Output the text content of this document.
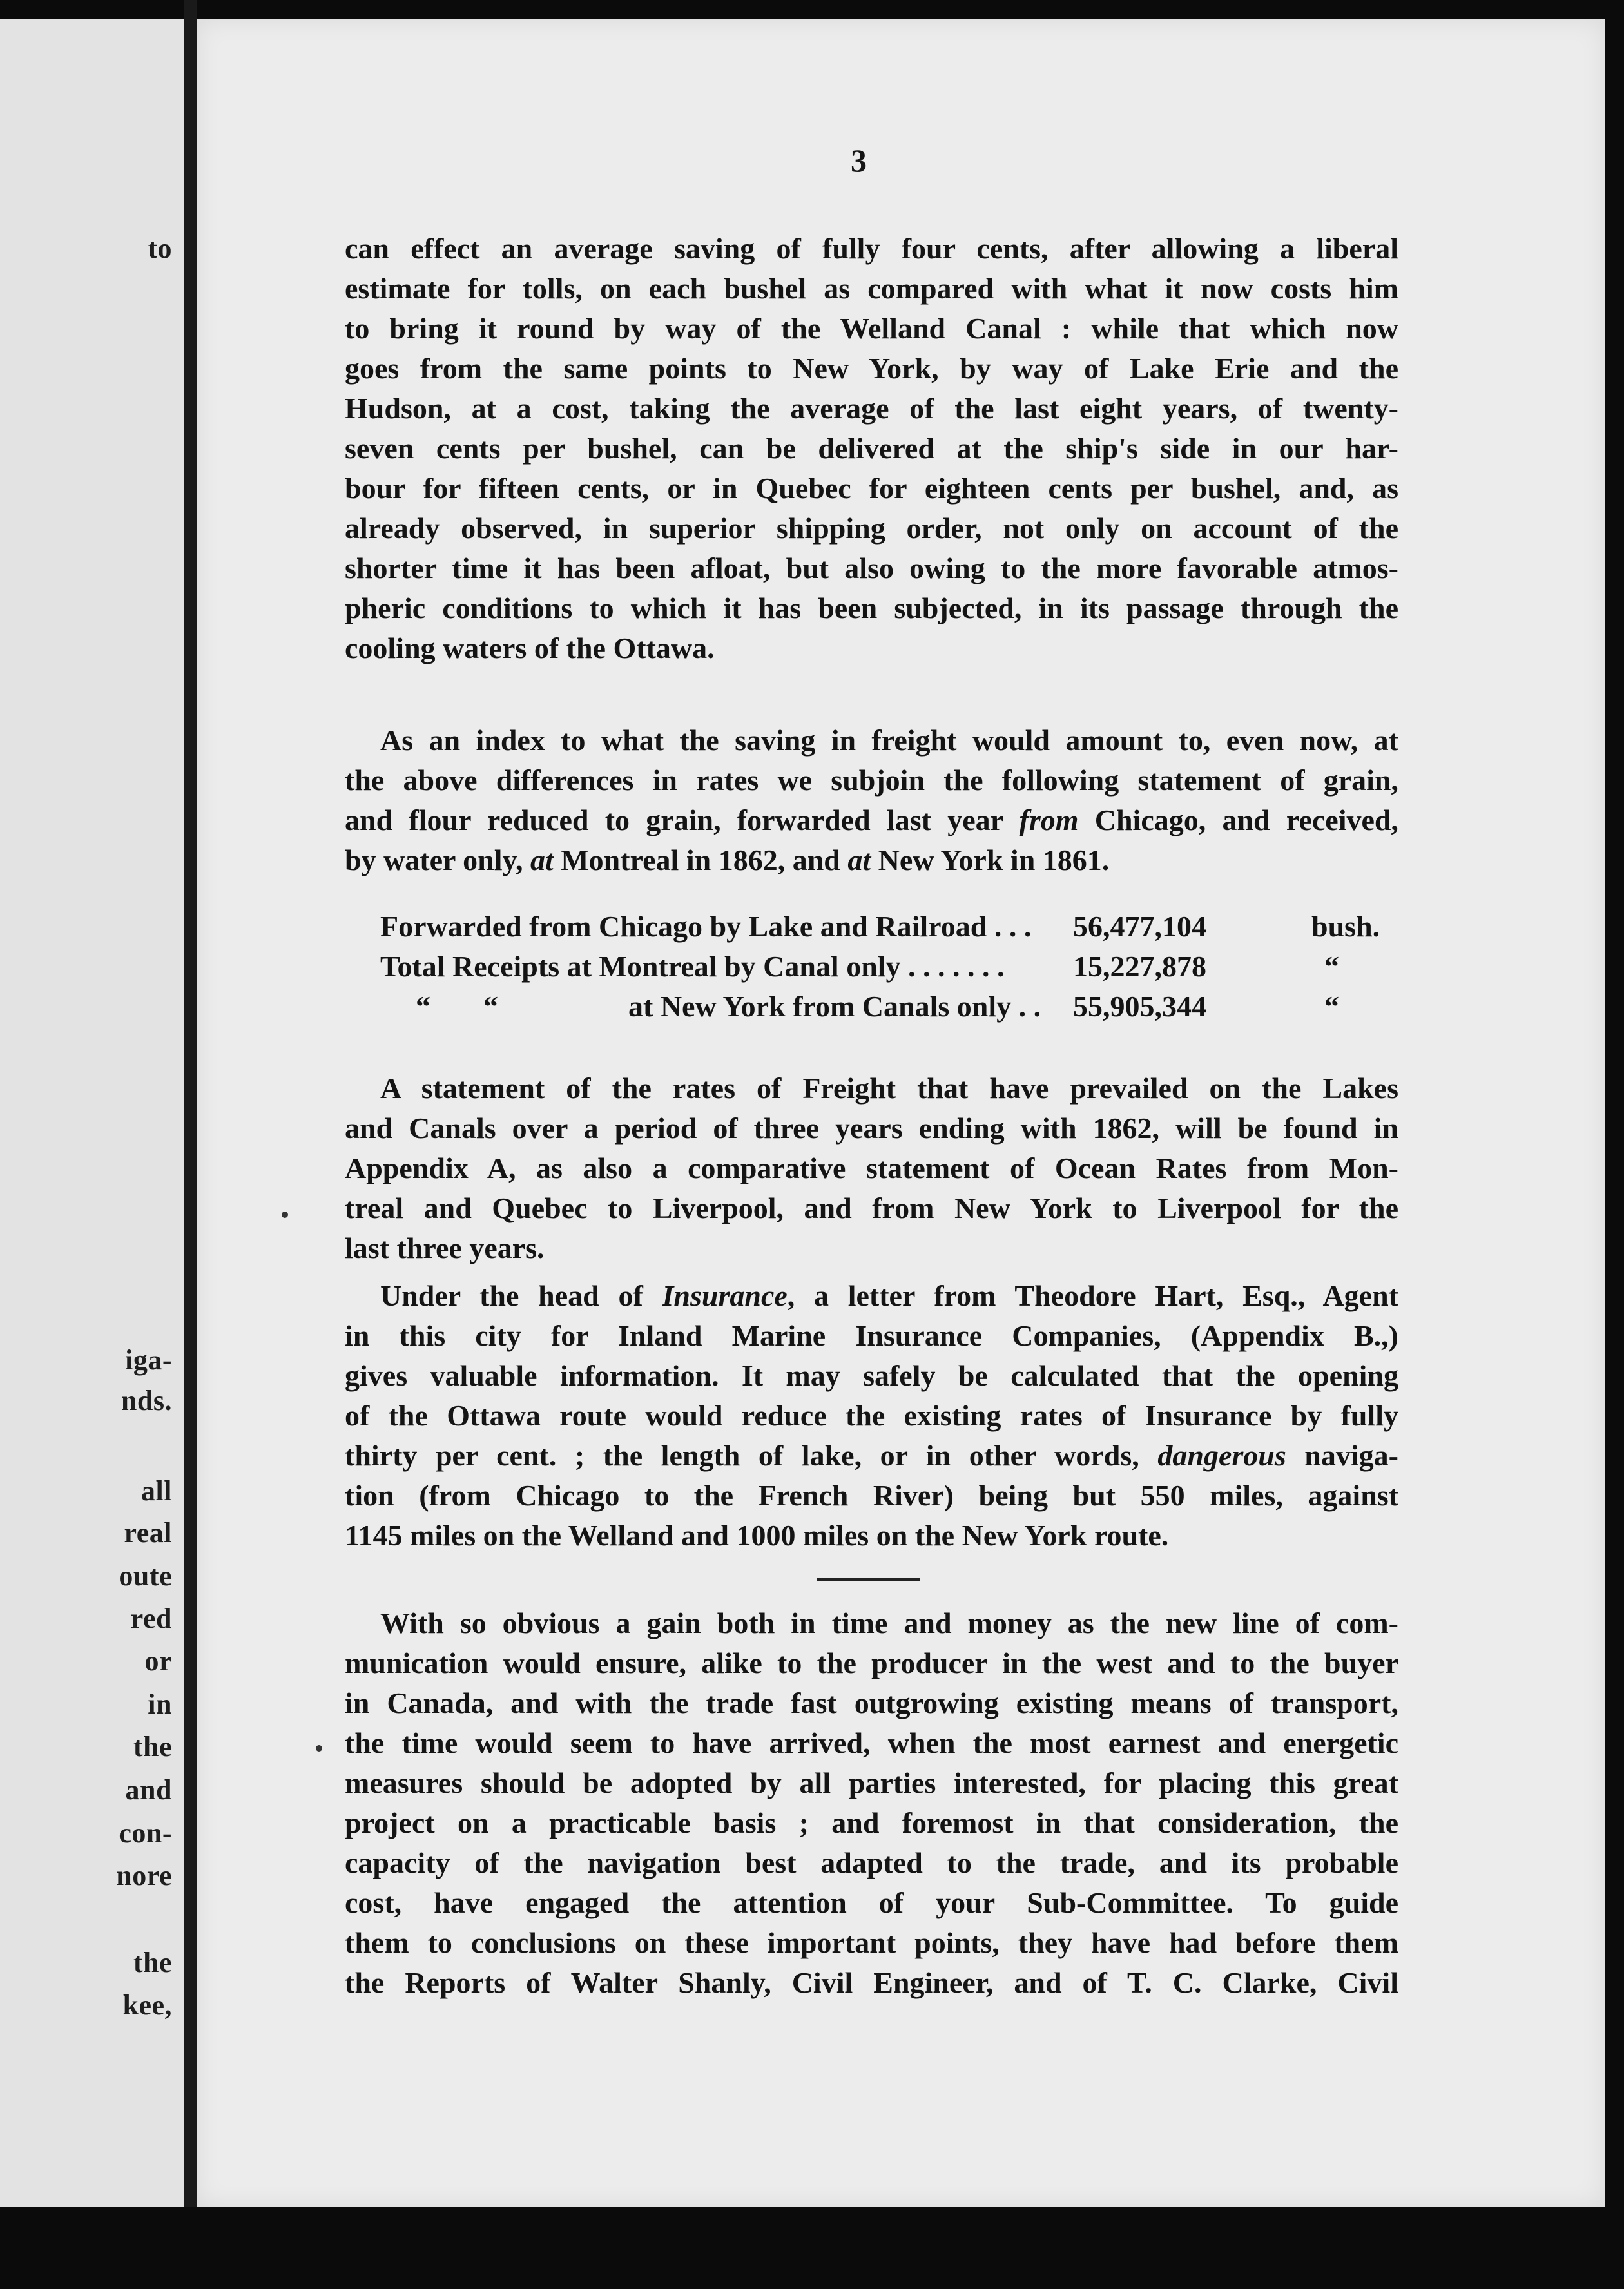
to
iga-
nds.
all
real
oute
red
or
in
the
and
con-
nore
the
kee,
3
can effect an average saving of fully four cents, after allowing a liberal
estimate for tolls, on each bushel as compared with what it now costs him
to bring it round by way of the Welland Canal : while that which now
goes from the same points to New York, by way of Lake Erie and the
Hudson, at a cost, taking the average of the last eight years, of twenty-
seven cents per bushel, can be delivered at the ship's side in our har-
bour for fifteen cents, or in Quebec for eighteen cents per bushel, and, as
already observed, in superior shipping order, not only on account of the
shorter time it has been afloat, but also owing to the more favorable atmos-
pheric conditions to which it has been subjected, in its passage through the
cooling waters of the Ottawa.
As an index to what the saving in freight would amount to, even now, at
the above differences in rates we subjoin the following statement of grain,
and flour reduced to grain, forwarded last year from Chicago, and received,
by water only, at Montreal in 1862, and at New York in 1861.
Forwarded from Chicago by Lake and Railroad . . . 56,477,104	bush.
Total Receipts at Montreal by Canal only . . . . . . . 15,227,878	“
“ “	at New York from Canals only . . 55,905,344	“
A statement of the rates of Freight that have prevailed on the Lakes
and Canals over a period of three years ending with 1862, will be found in
Appendix A, as also a comparative statement of Ocean Rates from Mon-
treal and Quebec to Liverpool, and from New York to Liverpool for the
last three years.
Under the head of Insurance, a letter from Theodore Hart, Esq., Agent
in this city for Inland Marine Insurance Companies, (Appendix B.,)
gives valuable information. It may safely be calculated that the opening
of the Ottawa route would reduce the existing rates of Insurance by fully
thirty per cent. ; the length of lake, or in other words, dangerous naviga-
tion (from Chicago to the French River) being but 550 miles, against
1145 miles on the Welland and 1000 miles on the New York route.
With so obvious a gain both in time and money as the new line of com-
munication would ensure, alike to the producer in the west and to the buyer
in Canada, and with the trade fast outgrowing existing means of transport,
the time would seem to have arrived, when the most earnest and energetic
measures should be adopted by all parties interested, for placing this great
project on a practicable basis ; and foremost in that consideration, the
capacity of the navigation best adapted to the trade, and its probable
cost, have engaged the attention of your Sub-Committee. To guide
them to conclusions on these important points, they have had before them
the Reports of Walter Shanly, Civil Engineer, and of T. C. Clarke, Civil
